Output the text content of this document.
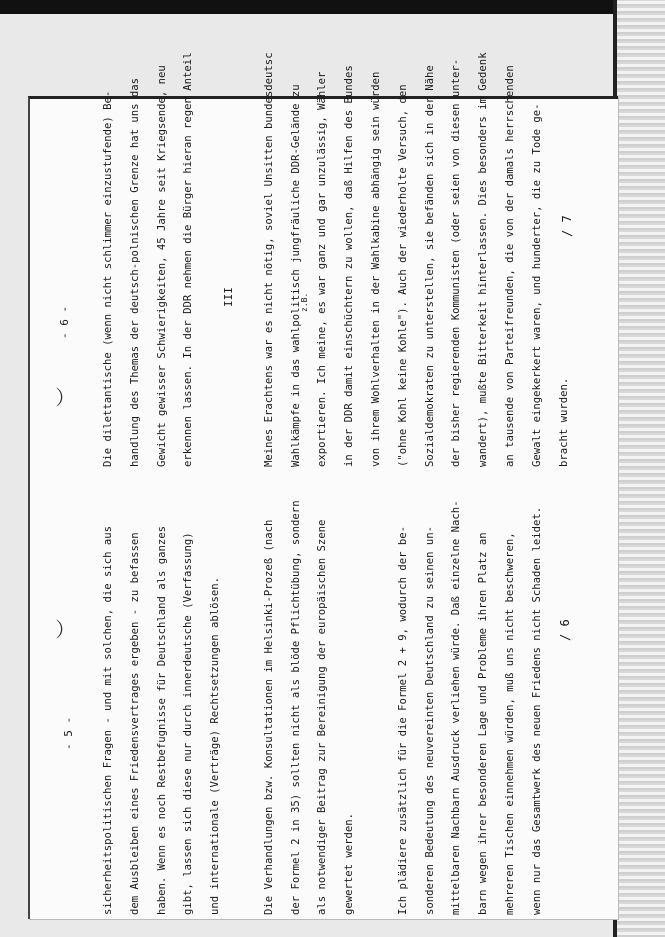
- 5 -
︶	sicherheitspolitischen Fragen - und mit solchen, die sich aus	dem Ausbleiben eines Friedensvertrages ergeben - zu befassen	haben. Wenn es noch Restbefugnisse für Deutschland als ganzes	gibt, lassen sich diese nur durch innerdeutsche (Verfassung)	und internationale (Verträge) Rechtsetzungen ablösen.	Die Verhandlungen bzw. Konsultationen im Helsinki-Prozeß (nach	der Formel 2 in 35) sollten nicht als blöde Pflichtübung, sondern	als notwendiger Beitrag zur Bereinigung der europäischen Szene	gewertet werden.	Ich plädiere zusätzlich für die Formel 2 + 9, wodurch der be-	sonderen Bedeutung des neuvereinten Deutschland zu seinen un-	mittelbaren Nachbarn Ausdruck verliehen würde. Daß einzelne Nach-	barn wegen ihrer besonderen Lage und Probleme ihren Platz an	mehreren Tischen einnehmen würden, muß uns nicht beschweren,	wenn nur das Gesamtwerk des neuen Friedens nicht Schaden leidet.	/ 6
- 6 -
︶	Die dilettantische (wenn nicht schlimmer einzustufende) Be-	handlung des Themas der deutsch-polnischen Grenze hat uns das	Gewicht gewisser Schwierigkeiten, 45 Jahre seit Kriegsende, neu	erkennen lassen. In der DDR nehmen die Bürger hieran regen Anteil	Meines Erachtens war es nicht nötig, soviel Unsitten bundesdeutsc	Wahlkämpfe in das wahlpolitisch jungfräuliche DDR-Gelände zu	exportieren. Ich meine, es war ganz und gar unzulässig, Wähler	in der DDR damit einschüchtern zu wollen, daß Hilfen des Bundes	von ihrem Wohlverhalten in der Wahlkabine abhängig sein würden	("ohne Kohl keine Kohle"). Auch der wiederholte Versuch, den	Sozialdemokraten zu unterstellen, sie befänden sich in der Nähe	der bisher regierenden Kommunisten (oder seien von diesen unter-	wandert), mußte Bitterkeit hinterlassen. Dies besonders im Gedenk	an tausende von Parteifreunden, die von der damals herrschenden	Gewalt eingekerkert waren, und hunderter, die zu Tode ge-	bracht wurden.
III	z.B.
/ 7
